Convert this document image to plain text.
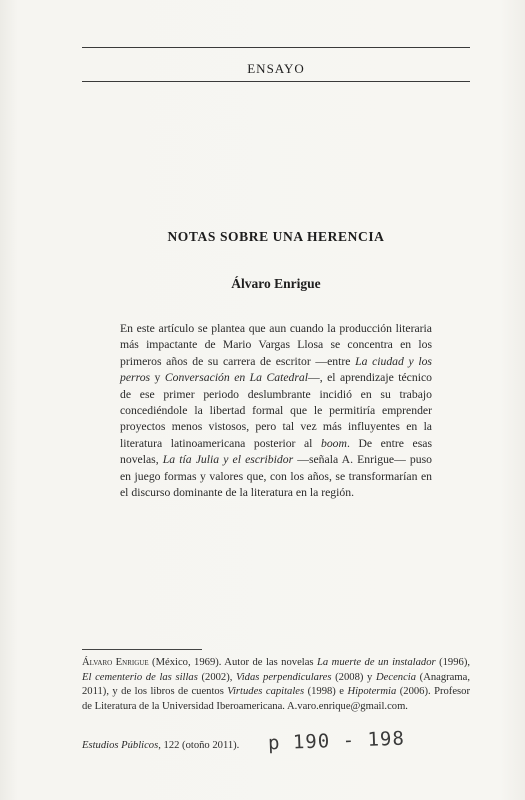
ENSAYO
NOTAS SOBRE UNA HERENCIA
Álvaro Enrigue
En este artículo se plantea que aun cuando la producción literaria más impactante de Mario Vargas Llosa se concentra en los primeros años de su carrera de escritor —entre La ciudad y los perros y Conversación en La Catedral—, el aprendizaje técnico de ese primer periodo deslumbrante incidió en su trabajo concediéndole la libertad formal que le permitiría emprender proyectos menos vistosos, pero tal vez más influyentes en la literatura latinoamericana posterior al boom. De entre esas novelas, La tía Julia y el escribidor —señala A. Enrigue— puso en juego formas y valores que, con los años, se transformarían en el discurso dominante de la literatura en la región.
Álvaro Enrigue (México, 1969). Autor de las novelas La muerte de un instalador (1996), El cementerio de las sillas (2002), Vidas perpendiculares (2008) y Decencia (Anagrama, 2011), y de los libros de cuentos Virtudes capitales (1998) e Hipotermia (2006). Profesor de Literatura de la Universidad Iberoamericana. A.varo.enrique@gmail.com.
Estudios Públicos, 122 (otoño 2011). p 190 - 198
